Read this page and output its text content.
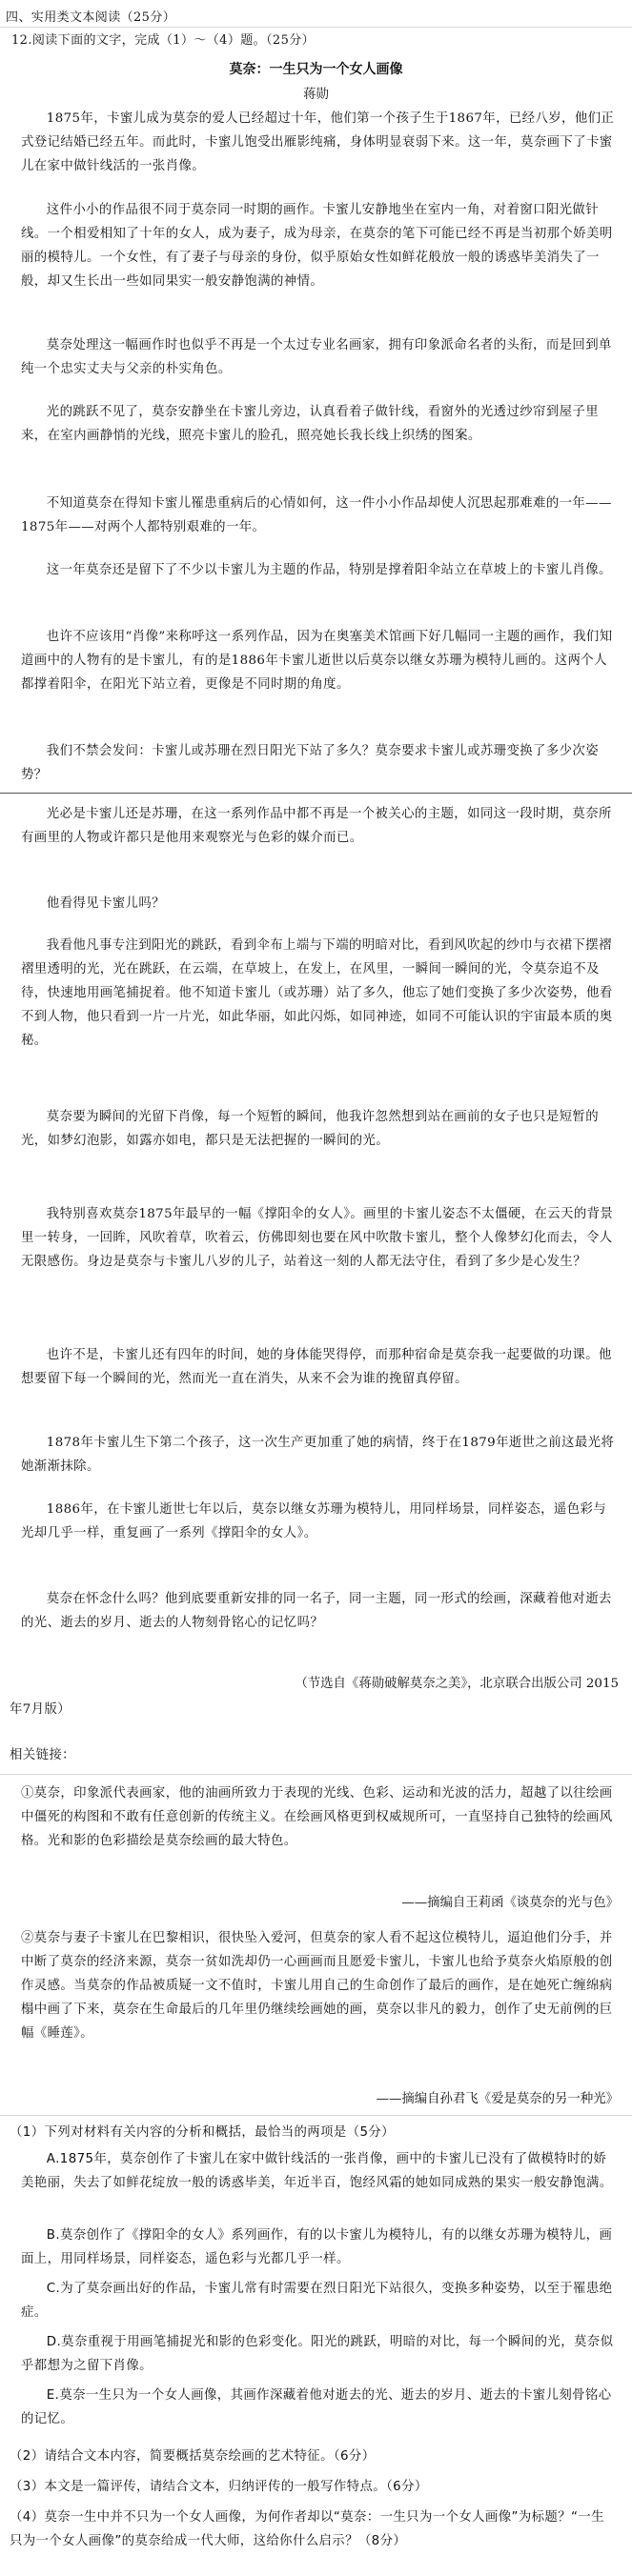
四、实用类文本阅读（25分）
12.阅读下面的文字，完成（1）～（4）题。（25分）
莫奈：一生只为一个女人画像
蒋勋

1875年，卡蜜儿成为莫奈的爱人已经超过十年，他们第一个孩子生于1867年，已经八岁，他们正式登记结婚已经五年。而此时，卡蜜儿饱受出雁影纯痛，身体明显衰弱下来。这一年，莫奈画下了卡蜜儿在家中做针线活的一张肖像。

这件小小的作品很不同于莫奈同一时期的画作。卡蜜儿安静地坐在室内一角，对着窗口阳光做针线。一个相爱相知了十年的女人，成为妻子，成为母亲，在莫奈的笔下可能已经不再是当初那个娇美明丽的模特儿。一个女性，有了妻子与母亲的身份，似乎原始女性如鲜花般放一般的诱惑毕美消失了一般，却又生长出一些如同果实一般安静饱满的神情。

莫奈处理这一幅画作时也似乎不再是一个太过专业名画家，拥有印象派命名者的头衔，而是回到单纯一个忠实丈夫与父亲的朴实角色。

光的跳跃不见了，莫奈安静坐在卡蜜儿旁边，认真看着子做针线，看窗外的光透过纱帘到屋子里来，在室内画静悄的光线，照亮卡蜜儿的脸孔，照亮她长我长线上织绣的图案。

不知道莫奈在得知卡蜜儿罹患重病后的心情如何，这一件小小作品却使人沉思起那难难的一年——1875年——对两个人都特别艰难的一年。

这一年莫奈还是留下了不少以卡蜜儿为主题的作品，特别是撑着阳伞站立在草坡上的卡蜜儿肖像。

也许不应该用“肖像”来称呼这一系列作品，因为在奥塞美术馆画下好几幅同一主题的画作，我们知道画中的人物有的是卡蜜儿，有的是1886年卡蜜儿逝世以后莫奈以继女苏珊为模特儿画的。这两个人都撑着阳伞，在阳光下站立着，更像是不同时期的角度。

我们不禁会发问：卡蜜儿或苏珊在烈日阳光下站了多久？莫奈要求卡蜜儿或苏珊变换了多少次姿势？

光必是卡蜜儿还是苏珊，在这一系列作品中都不再是一个被关心的主题，如同这一段时期，莫奈所有画里的人物或许都只是他用来观察光与色彩的媒介而已。

他看得见卡蜜儿吗？

我看他凡事专注到阳光的跳跃，看到伞布上端与下端的明暗对比，看到风吹起的纱巾与衣裙下摆褶褶里透明的光，光在跳跃，在云端，在草坡上，在发上，在风里，一瞬间一瞬间的光，令莫奈追不及待，快速地用画笔捕捉着。他不知道卡蜜儿（或苏珊）站了多久，他忘了她们变换了多少次姿势，他看不到人物，他只看到一片一片光，如此华丽，如此闪烁，如同神迹，如同不可能认识的宇宙最本质的奥秘。

莫奈要为瞬间的光留下肖像，每一个短暂的瞬间，他我许忽然想到站在画前的女子也只是短暂的光，如梦幻泡影，如露亦如电，都只是无法把握的一瞬间的光。

我特别喜欢莫奈1875年最早的一幅《撑阳伞的女人》。画里的卡蜜儿姿态不太僵硬，在云天的背景里一转身，一回眸，风吹着草，吹着云，仿佛即刻也要在风中吹散卡蜜儿，整个人像梦幻化而去，令人无限感伤。身边是莫奈与卡蜜儿八岁的儿子，站着这一刻的人都无法守住，看到了多少是心发生？

也许不是，卡蜜儿还有四年的时间，她的身体能哭得停，而那种宿命是莫奈我一起要做的功课。他想要留下每一个瞬间的光，然而光一直在消失，从来不会为谁的挽留真停留。

1878年卡蜜儿生下第二个孩子，这一次生产更加重了她的病情，终于在1879年逝世之前这最光将她渐渐抹除。

1886年，在卡蜜儿逝世七年以后，莫奈以继女苏珊为模特儿，用同样场景，同样姿态，遥色彩与光却几乎一样，重复画了一系列《撑阳伞的女人》。

莫奈在怀念什么吗？他到底要重新安排的同一名子，同一主题，同一形式的绘画，深藏着他对逝去的光、逝去的岁月、逝去的人物刻骨铭心的记忆吗？

（节选自《蒋勋破解莫奈之美》，北京联合出版公司 2015
年7月版）
相关链接：

①莫奈，印象派代表画家，他的油画所致力于表现的光线、色彩、运动和光波的活力，超越了以往绘画中僵死的构图和不敢有任意创新的传统主义。在绘画风格更到权威规所可，一直坚持自己独特的绘画风格。光和影的色彩描绘是莫奈绘画的最大特色。

——摘编自王莉函《谈莫奈的光与色》

②莫奈与妻子卡蜜儿在巴黎相识，很快坠入爱河，但莫奈的家人看不起这位模特儿，逼迫他们分手，并中断了莫奈的经济来源，莫奈一贫如洗却仍一心画画而且愿爱卡蜜儿，卡蜜儿也给予莫奈火焰原般的创作灵感。当莫奈的作品被质疑一文不值时，卡蜜儿用自己的生命创作了最后的画作，是在她死亡缠绵病榻中画了下来，莫奈在生命最后的几年里仍继续绘画她的画，莫奈以非凡的毅力，创作了史无前例的巨幅《睡莲》。

——摘编自孙君飞《爱是莫奈的另一种光》
（1）下列对材料有关内容的分析和概括，最恰当的两项是（5分）

A.1875年，莫奈创作了卡蜜儿在家中做针线活的一张肖像，画中的卡蜜儿已没有了做模特时的娇美艳丽，失去了如鲜花绽放一般的诱惑毕美，年近半百，饱经风霜的她如同成熟的果实一般安静饱满。

B.莫奈创作了《撑阳伞的女人》系列画作，有的以卡蜜儿为模特儿，有的以继女苏珊为模特儿，画面上，用同样场景，同样姿态，遥色彩与光都几乎一样。

C.为了莫奈画出好的作品，卡蜜儿常有时需要在烈日阳光下站很久，变换多种姿势，以至于罹患绝症。

D.莫奈重视于用画笔捕捉光和影的色彩变化。阳光的跳跃，明暗的对比，每一个瞬间的光，莫奈似乎都想为之留下肖像。

E.莫奈一生只为一个女人画像，其画作深藏着他对逝去的光、逝去的岁月、逝去的卡蜜儿刻骨铭心的记忆。

（2）请结合文本内容，简要概括莫奈绘画的艺术特征。（6分）
（3）本文是一篇评传，请结合文本，归纳评传的一般写作特点。（6分）
（4）莫奈一生中并不只为一个女人画像，为何作者却以“莫奈：一生只为一个女人画像”为标题？“一生只为一个女人画像”的莫奈给成一代大师，这给你什么启示？（8分）
